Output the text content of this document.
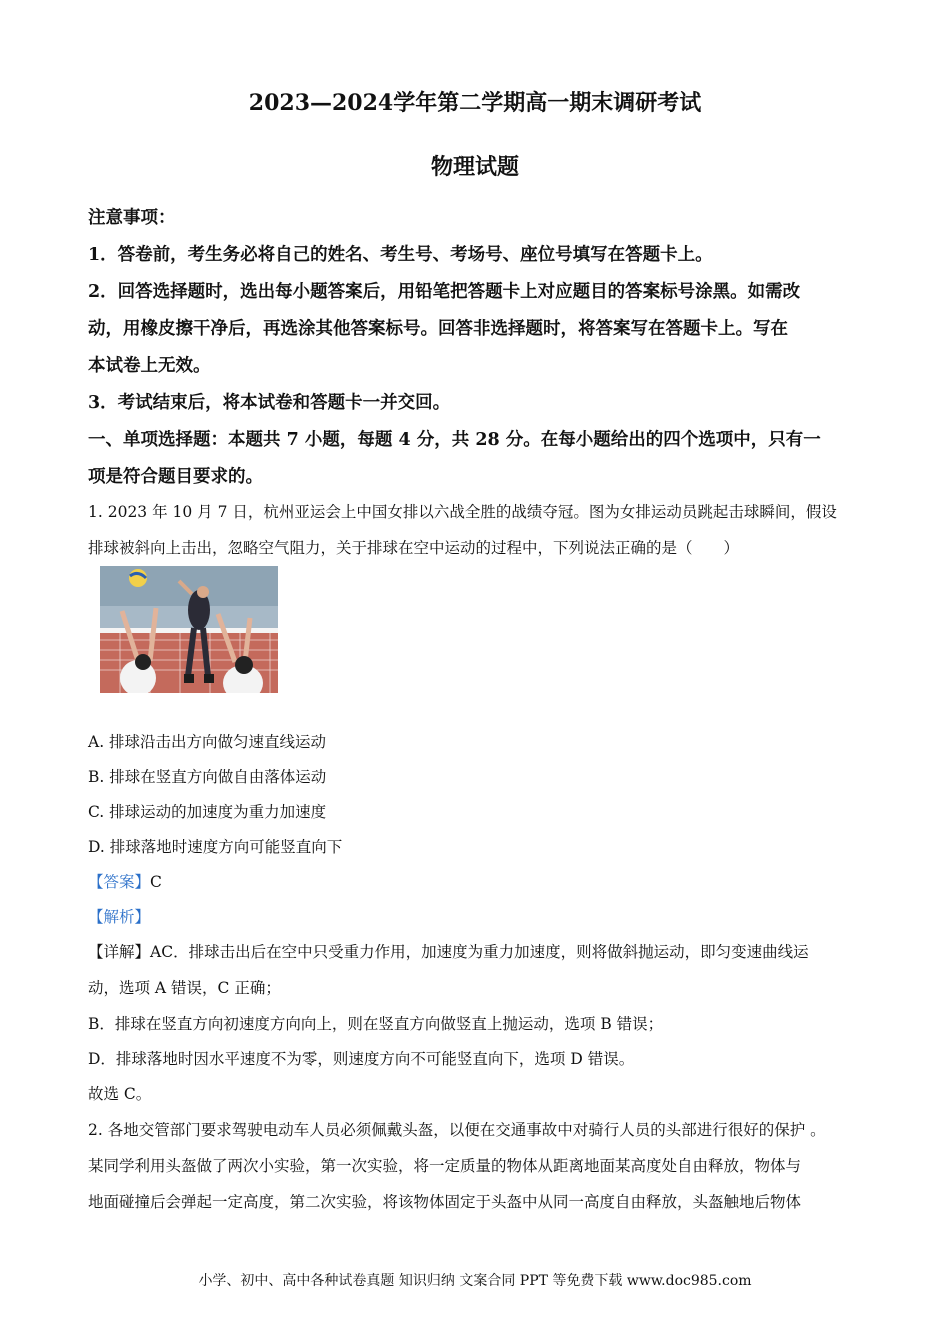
2023—2024学年第二学期高一期末调研考试
物理试题
注意事项：
1．答卷前，考生务必将自己的姓名、考生号、考场号、座位号填写在答题卡上。
2．回答选择题时，选出每小题答案后，用铅笔把答题卡上对应题目的答案标号涂黑。如需改
动，用橡皮擦干净后，再选涂其他答案标号。回答非选择题时，将答案写在答题卡上。写在
本试卷上无效。
3．考试结束后，将本试卷和答题卡一并交回。
一、单项选择题：本题共 7 小题，每题 4 分，共 28 分。在每小题给出的四个选项中，只有一
项是符合题目要求的。
1. 2023 年 10 月 7 日，杭州亚运会上中国女排以六战全胜的战绩夺冠。图为女排运动员跳起击球瞬间，假设
排球被斜向上击出，忽略空气阻力，关于排球在空中运动的过程中，下列说法正确的是（　　）
A. 排球沿击出方向做匀速直线运动
B. 排球在竖直方向做自由落体运动
C. 排球运动的加速度为重力加速度
D. 排球落地时速度方向可能竖直向下
【答案】C
【解析】
【详解】AC．排球击出后在空中只受重力作用，加速度为重力加速度，则将做斜抛运动，即匀变速曲线运
动，选项 A 错误，C 正确；
B．排球在竖直方向初速度方向向上，则在竖直方向做竖直上抛运动，选项 B 错误；
D．排球落地时因水平速度不为零，则速度方向不可能竖直向下，选项 D 错误。
故选 C。
2. 各地交管部门要求驾驶电动车人员必须佩戴头盔，以便在交通事故中对骑行人员的头部进行很好的保护 。
某同学利用头盔做了两次小实验，第一次实验，将一定质量的物体从距离地面某高度处自由释放，物体与
地面碰撞后会弹起一定高度，第二次实验，将该物体固定于头盔中从同一高度自由释放，头盔触地后物体
小学、初中、高中各种试卷真题 知识归纳 文案合同 PPT 等免费下载 www.doc985.com
